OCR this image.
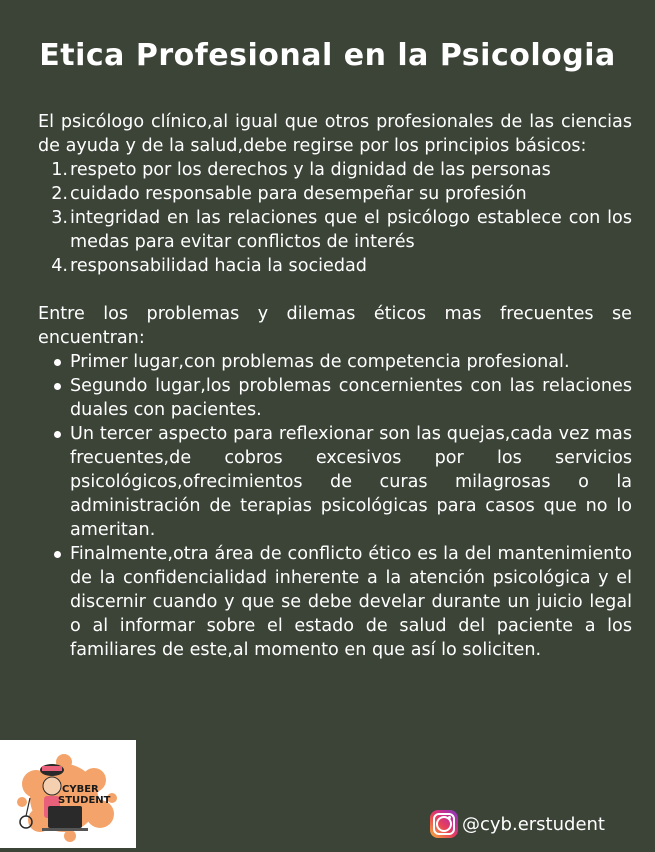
Etica Profesional en la Psicologia

El psicólogo clínico,al igual que otros profesionales de las ciencias de ayuda y de la salud,debe regirse por los principios básicos:

1. respeto por los derechos y la dignidad de las personas
2. cuidado responsable para desempeñar su profesión
3. integridad en las relaciones que el psicólogo establece con los medas para evitar conflictos de interés
4. responsabilidad hacia la sociedad

Entre los problemas y dilemas éticos mas frecuentes se encuentran:

Primer lugar,con problemas de competencia profesional.
Segundo lugar,los problemas concernientes con las relaciones duales con pacientes.
Un tercer aspecto para reflexionar son las quejas,cada vez mas frecuentes,de cobros excesivos por los servicios psicológicos,ofrecimientos de curas milagrosas o la administración de terapias psicológicas para casos que no lo ameritan.
Finalmente,otra área de conflicto ético es la del mantenimiento de la confidencialidad inherente a la atención psicológica y el discernir cuando y que se debe develar durante un juicio legal o al informar sobre el estado de salud del paciente a los familiares de este,al momento en que así lo soliciten.
CYBER
STUDENT
@cyb.erstudent
